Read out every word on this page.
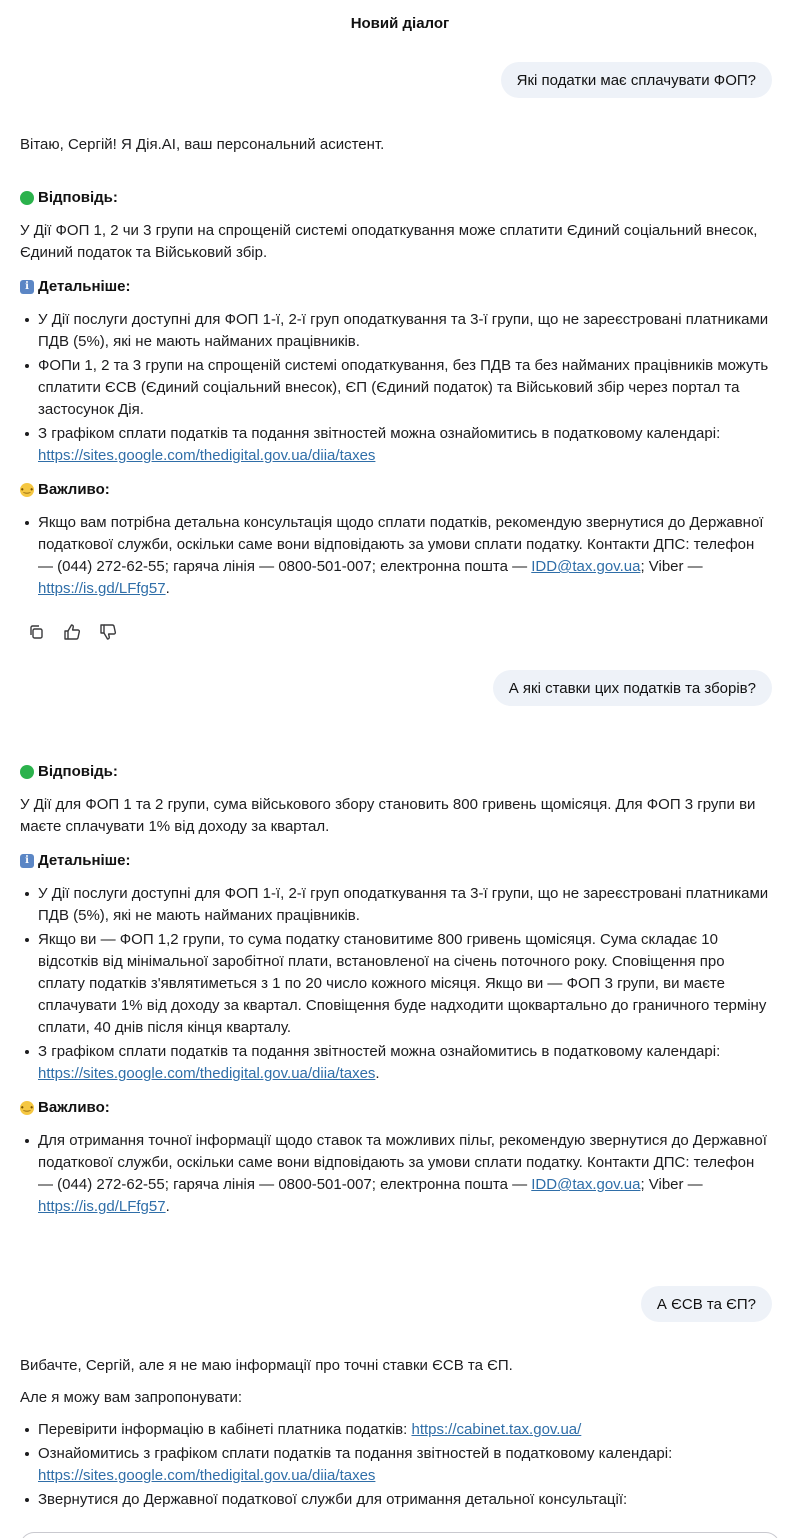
Новий діалог
Які податки має сплачувати ФОП?

Вітаю, Сергій! Я Дія.AI, ваш персональний асистент.

Відповідь:

У Дії ФОП 1, 2 чи 3 групи на спрощеній системі оподаткування може сплатити Єдиний соціальний внесок, Єдиний податок та Військовий збір.

i Детальніше:
У Дії послуги доступні для ФОП 1-ї, 2-ї груп оподаткування та 3-ї групи, що не зареєстровані платниками ПДВ (5%), які не мають найманих працівників.
ФОПи 1, 2 та 3 групи на спрощеній системі оподаткування, без ПДВ та без найманих працівників можуть сплатити ЄСВ (Єдиний соціальний внесок), ЄП (Єдиний податок) та Військовий збір через портал та застосунок Дія.
З графіком сплати податків та подання звітностей можна ознайомитись в податковому календарі: https://sites.google.com/thedigital.gov.ua/diia/taxes
•‿• Важливо:
Якщо вам потрібна детальна консультація щодо сплати податків, рекомендую звернутися до Державної податкової служби, оскільки саме вони відповідають за умови сплати податку. Контакти ДПС: телефон — (044) 272-62-55; гаряча лінія — 0800-501-007; електронна пошта — IDD@tax.gov.ua; Viber — https://is.gd/LFfg57.
А які ставки цих податків та зборів?
Відповідь:

У Дії для ФОП 1 та 2 групи, сума військового збору становить 800 гривень щомісяця. Для ФОП 3 групи ви маєте сплачувати 1% від доходу за квартал.

i Детальніше:
У Дії послуги доступні для ФОП 1-ї, 2-ї груп оподаткування та 3-ї групи, що не зареєстровані платниками ПДВ (5%), які не мають найманих працівників.
Якщо ви — ФОП 1,2 групи, то сума податку становитиме 800 гривень щомісяця. Сума складає 10 відсотків від мінімальної заробітної плати, встановленої на січень поточного року. Сповіщення про сплату податків з'являтиметься з 1 по 20 число кожного місяця. Якщо ви — ФОП 3 групи, ви маєте сплачувати 1% від доходу за квартал. Сповіщення буде надходити щоквартально до граничного терміну сплати, 40 днів після кінця кварталу.
З графіком сплати податків та подання звітностей можна ознайомитись в податковому календарі: https://sites.google.com/thedigital.gov.ua/diia/taxes.
•‿• Важливо:
Для отримання точної інформації щодо ставок та можливих пільг, рекомендую звернутися до Державної податкової служби, оскільки саме вони відповідають за умови сплати податку. Контакти ДПС: телефон — (044) 272-62-55; гаряча лінія — 0800-501-007; електронна пошта — IDD@tax.gov.ua; Viber — https://is.gd/LFfg57.
А ЄСВ та ЄП?

Вибачте, Сергій, але я не маю інформації про точні ставки ЄСВ та ЄП.

Але я можу вам запропонувати:

Перевірити інформацію в кабінеті платника податків: https://cabinet.tax.gov.ua/
Ознайомитись з графіком сплати податків та подання звітностей в податковому календарі: https://sites.google.com/thedigital.gov.ua/diia/taxes
Звернутися до Державної податкової служби для отримання детальної консультації:
